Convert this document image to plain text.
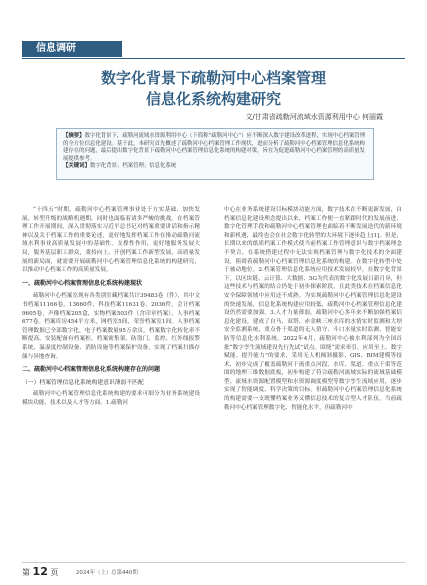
信息调研
数字化背景下疏勒河中心档案管理
信息化系统构建研究
文/甘肃省疏勒河流域水资源利用中心 何丽霞
【摘要】数字化背景下，疏勒河流域水资源利用中心（下简称“疏勒河中心”）应不断深入数字建设改革进程，实现中心档案管理的全方位信息化建设。基于此，本研究首先概述了疏勒河中心档案管理工作现状，进而分析了疏勒河中心档案管理信息化系统构建存在的问题，最后提出数字化背景下疏勒河中心档案管理信息化系统的构建对策，旨在为促进疏勒河中心档案管理的高质量发展提供参考。
【关键词】数字化背景；档案管理；信息化系统

“十四五”时期，疏勒河中心档案管理事业处于方实基础、加快发展、转型升级的战略机遇期，同时也面临着诸多严峻的挑战。在档案管理工作开展期间，深入贯彻落实习近平总书记对档案重要讲话和指示精神以及关于档案工作的重要论述，更好地发挥档案工作在推动疏勒河流域水利事业高质量发展中的基础性、支撑性作用，更好地服务发展大局，服务基层职工群众，秉持向上、开创档案工作新型发展、高质量发展的新局面，就需要开展疏勒河中心档案管理信息化系统的构建研究，以推动中心档案工作的高质量发展。

一、疏勒河中心档案管理信息化系统构建现状

疏勒河中心档案室现有各类别室藏档案共计39483卷（件），其中文书档案11166卷，13660件，科技档案11631卷，2036件，会计档案9605卷，声像档案205盒，实物档案503件（含印章档案），人事档案677卷。档案库房454平方米，网档室5间，荣誉档案室1间。人事档案管理数据已全部数字化，电子档案数量95万余页，档案数字化转化率不断提高。安装配备有档案柜、档案密集架、防盗门、监控、红外线报警系统、温湿度控制设备、消防设施等档案保护设备。实现了档案扫描存储与异地查询。

二、疏勒河中心档案管理信息化系统构建存在的问题
（一）档案管理信息化系统构建意识薄弱不匹配

疏勒河中心档案管理信息化系统构建的要求可细分为业务系统建设模块功能、技术以及人才等方面。1.疏勒河

中心在业务系统建设目标模块功能方面，数字技术在不断更新发展，自档案信息化建设理念提出以来，档案工作便一直紧跟时代的发展前进，数字化管理手段和疏勒河中心档案管理也面临着不断发展迭代的新环境和新机遇，最终也会在社会数字化转型的大环境下逐步趋上[1]。但是，长期以来的纸质档案工作模式使当前档案工作管理意识与数字档案理念不契合，在系统搭建过程中无法实现档案管理与数字化技术的全面建设，阻碍着疏勒河中心档案管理信息化系统的构建。在数字化转型中处于被动地位。2.档案管理信息化系统应用技术发展较早。在数字化背景下，以区块链、云计算、大数据、5G为代表的数字化发展日新月异，但这些技术与档案的结合仍处于初步探索阶段，且此类技术在档案信息化安全保障领域中应用还不成熟。为实现疏勒河中心档案管理信息化建设的快速发展，信息化系统构建应用较低，疏勒河中心档案管理信息化建设仍然需要加强。3.人才力量薄弱。疏勒河中心多年来不断加强档案信息化建设，建成了自马、双塔、赤金峡三座水库的水情实时监测和大坝安全监测系统，重点骨干渠道的无人值守、斗口水量实时监测、智能安防等信息化水利系统。2022年4月，疏勒河中心被水利部列为全国首批“数字孪生流域建设先行先试”试点。围绕“需求牵引、应用至上、数字赋能、提升能力”的要求，采用无人机倾斜摄影、GIS、BIM建模等技术，初步完成了覆盖疏勒河干流重点河段、水库、渠道、重点干渠等范围的地理三维数据底板，初步构建了符合疏勒河流域实际的流域基础模型、流域水资源配置模型和水资源调度模型等数字孪生流域应用，逐步实现了智能调度、科学决策的目标。但疏勒河中心档案管理信息化系统的构建需要一支既懂档案业务又懂信息技术的复合型人才队伍，当前疏勒河中心档案管理数字化、智能化水平，但疏勒河中

第 12 页	2024年（上）总第440期
